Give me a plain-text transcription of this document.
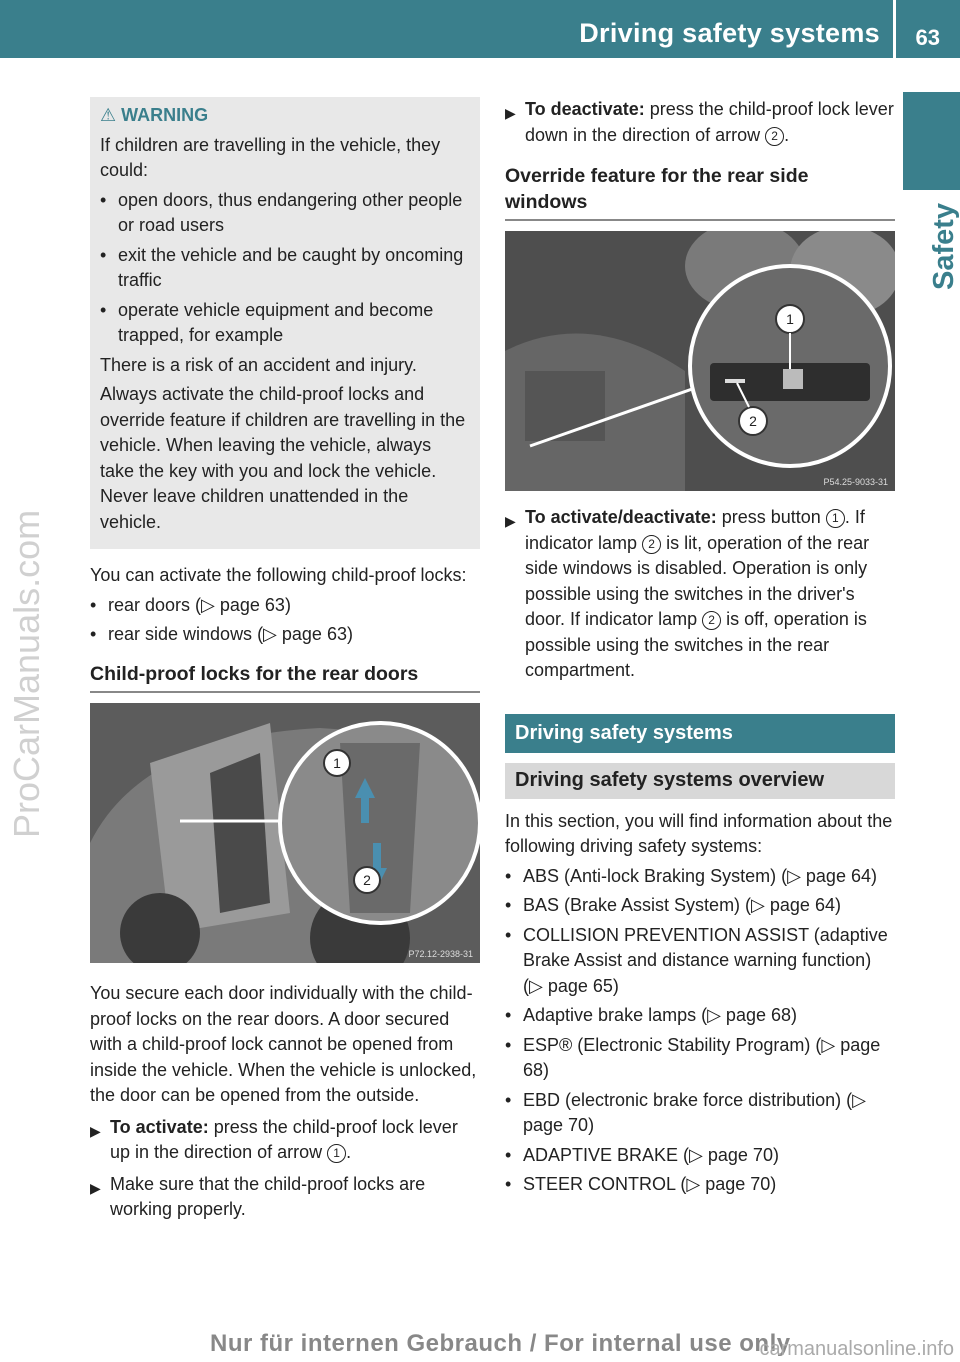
Driving safety systems 63
Safety
ProCarManuals.com
⚠ WARNING

If children are travelling in the vehicle, they could:

• open doors, thus endangering other people or road users
• exit the vehicle and be caught by oncoming traffic
• operate vehicle equipment and become trapped, for example

There is a risk of an accident and injury.

Always activate the child-proof locks and override feature if children are travelling in the vehicle. When leaving the vehicle, always take the key with you and lock the vehicle. Never leave children unattended in the vehicle.

You can activate the following child-proof locks:

• rear doors (▷ page 63)
• rear side windows (▷ page 63)
Child-proof locks for the rear doors
1
2
P72.12-2938-31

You secure each door individually with the child-proof locks on the rear doors. A door secured with a child-proof lock cannot be opened from inside the vehicle. When the vehicle is unlocked, the door can be opened from the outside.

▶ To activate: press the child-proof lock lever up in the direction of arrow 1 .
▶ Make sure that the child-proof locks are working properly.
▶ To deactivate: press the child-proof lock lever down in the direction of arrow 2 .
Override feature for the rear side windows
1
2
P54.25-9033-31
▶ To activate/deactivate: press button 1 . If indicator lamp 2 is lit, operation of the rear side windows is disabled. Operation is only possible using the switches in the driver's door. If indicator lamp 2 is off, operation is possible using the switches in the rear compartment.
Driving safety systems
Driving safety systems overview

In this section, you will find information about the following driving safety systems:

• ABS (Anti-lock Braking System) (▷ page 64)
• BAS (Brake Assist System) (▷ page 64)
• COLLISION PREVENTION ASSIST (adaptive Brake Assist and distance warning function) (▷ page 65)
• Adaptive brake lamps (▷ page 68)
• ESP® (Electronic Stability Program) (▷ page 68)
• EBD (electronic brake force distribution) (▷ page 70)
• ADAPTIVE BRAKE (▷ page 70)
• STEER CONTROL (▷ page 70)
Nur für internen Gebrauch / For internal use only
carmanualsonline.info
